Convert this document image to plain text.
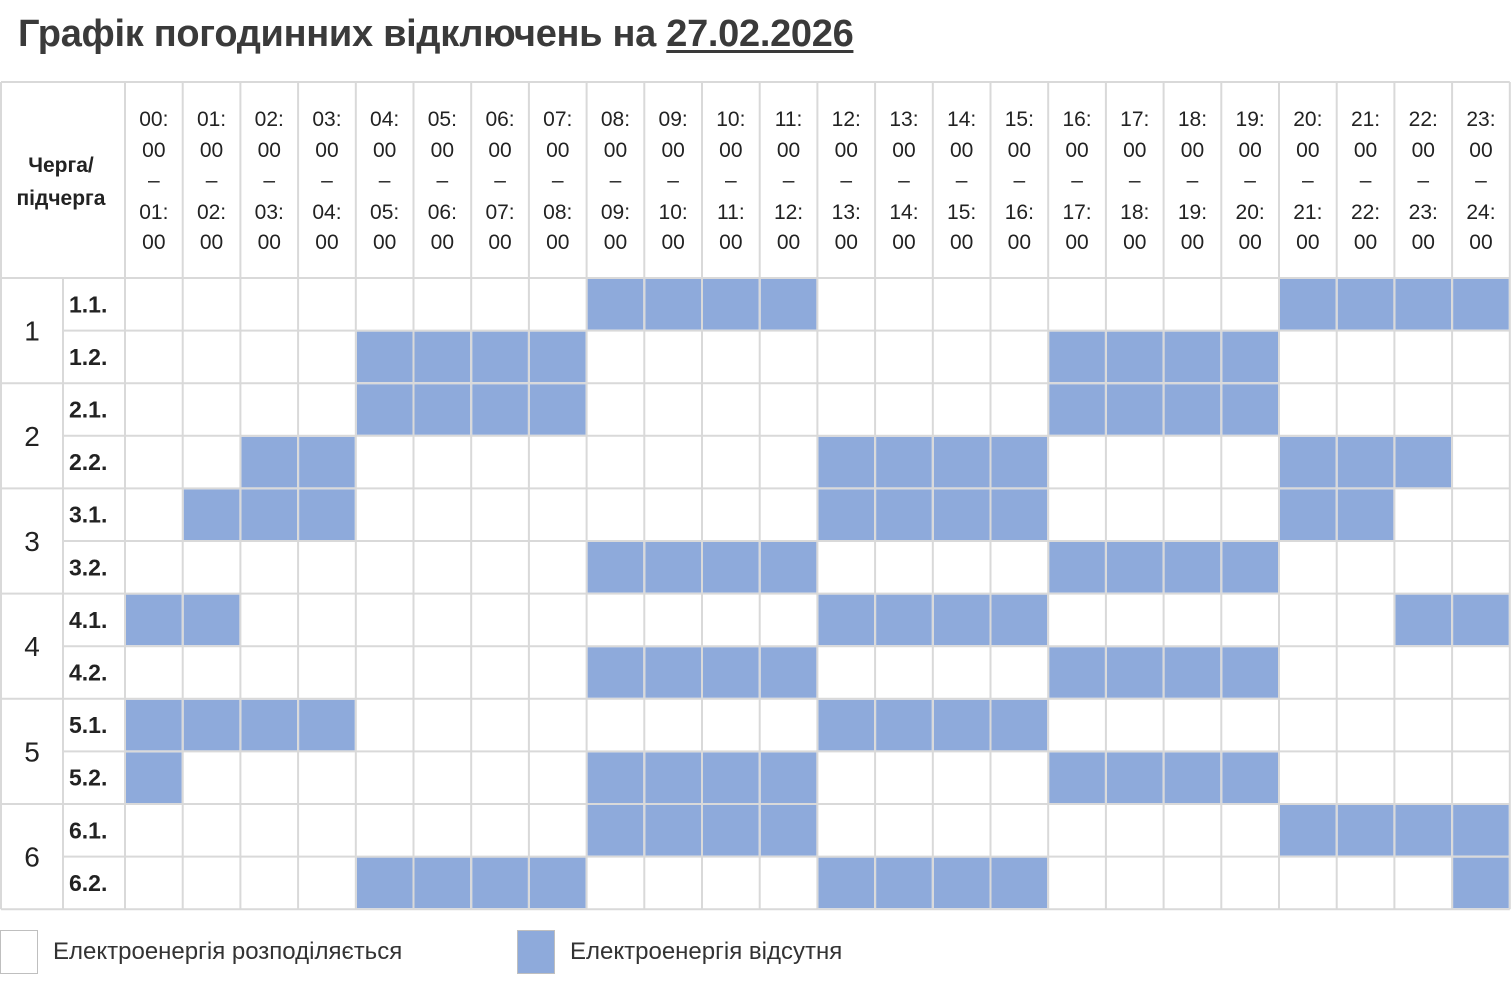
Черга/
підчерга
00:
00
–
01:
00
01:
00
–
02:
00
02:
00
–
03:
00
03:
00
–
04:
00
04:
00
–
05:
00
05:
00
–
06:
00
06:
00
–
07:
00
07:
00
–
08:
00
08:
00
–
09:
00
09:
00
–
10:
00
10:
00
–
11:
00
11:
00
–
12:
00
12:
00
–
13:
00
13:
00
–
14:
00
14:
00
–
15:
00
15:
00
–
16:
00
16:
00
–
17:
00
17:
00
–
18:
00
18:
00
–
19:
00
19:
00
–
20:
00
20:
00
–
21:
00
21:
00
–
22:
00
22:
00
–
23:
00
23:
00
–
24:
00
1
2
3
4
5
6
1.1.
1.2.
2.1.
2.2.
3.1.
3.2.
4.1.
4.2.
5.1.
5.2.
6.1.
6.2.
Графік погодинних відключень на 27.02.2026
Електроенергія розподіляється	Електроенергія відсутня
